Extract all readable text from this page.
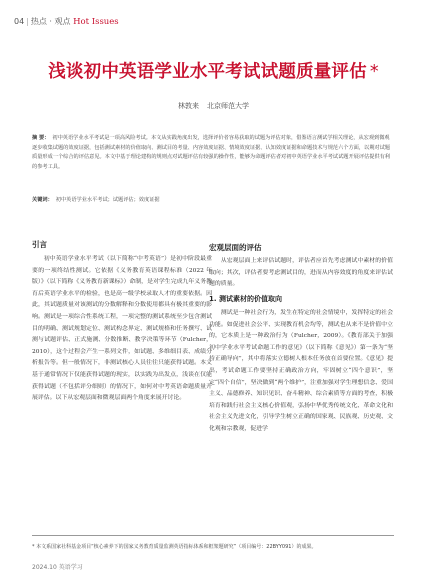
04 | 热点 · 观点 Hot Issues
浅谈初中英语学业水平考试试题质量评估 *
林敦来 北京师范大学

摘 要： 初中英语学业水平考试是一项高风险考试。本文从实践角度出发，选择评价者容易获取的试题为评估对象，借鉴语言测试学相关理论，从宏观到微观逐步收集试题的效度证据，包括测试素材的价值取向、测试目的考量、内容效度证据、情境效度证据、认知效度证据和命题技术与规范六个方面，以期对试题质量形成一个综合的评估意见。本文中基于理论建构的规则点对试题评估有较强的操作性，能够为命题评估者对初中英语学业水平考试试题开展评估提供有利的参考工具。

关键词： 初中英语学业水平考试；试题评估；效度证据

引言

初中英语学业水平考试（以下简称“中考英语”）是初中阶段最重要的一项终结性测试。它依据《义务教育英语课程标准（2022 年版）》（以下简称《义务教育新课标》）命制，是对学生完成九年义务教育后英语学业水平的检验，也是高一级学校录取人才的重要依据。因此，其试题质量对该测试的分数解释和分数使用都具有极其重要的影响。测试是一项综合性系统工程，一项完整的测试系统至少包含测试目的明确、测试规划定位、测试构念界定、测试规格和任务撰写、试测与试题评估、正式施测、分数推断、教学决策等环节（Fulcher，2010），这个过程会产生一系列文件，如试题、多维细目表、成绩分析报告等。但一般情况下，非测试核心人员往往只能获得试题。本文基于通常情况下仅能获得试题的现实，以实践为出发点，浅谈在仅能获得试题（不包括评分细则）的情况下，如何对中考英语命题质量开展评估。以下从宏观层面和微观层面两个角度来展开讨论。

宏观层面的评估

从宏观层面上来评估试题时，评估者应首先考虑测试中素材的价值取向；其次，评估者要考虑测试目的，进而从内容效度的角度来评估试题的质量。

1. 测试素材的价值取向

测试是一种社会行为，发生在特定的社会情境中，发挥特定的社会功能。如促进社会公平、实现教育机会均等，测试也从来不是价值中立的，它本质上是一种政治行为（Fulcher，2009）。《教育部关于加强初中学业水平考试命题工作的意见》（以下简称《意见》）第一条为“坚持正确导向”，其中将落实立德树人根本任务放在首要位置。《意见》提出，考试命题工作要坚持正确政治方向，牢固树立“四个意识”，坚定“四个自信”，坚决做到“两个维护”，注重加强对学生理想信念、爱国主义、品德修养、知识见识、奋斗精神、综合素质等方面的考查，积极培育和践行社会主义核心价值观，弘扬中华优秀传统文化、革命文化和社会主义先进文化，引导学生树立正确的国家观、民族观、历史观、文化观和宗教观，促进学

* 本文系国家社科基金项目“核心素养下的国家义务教育质量监测英语指标体系和框架题研究”（项目编号：22BYY091）的成果。

2024.10 英语学习
